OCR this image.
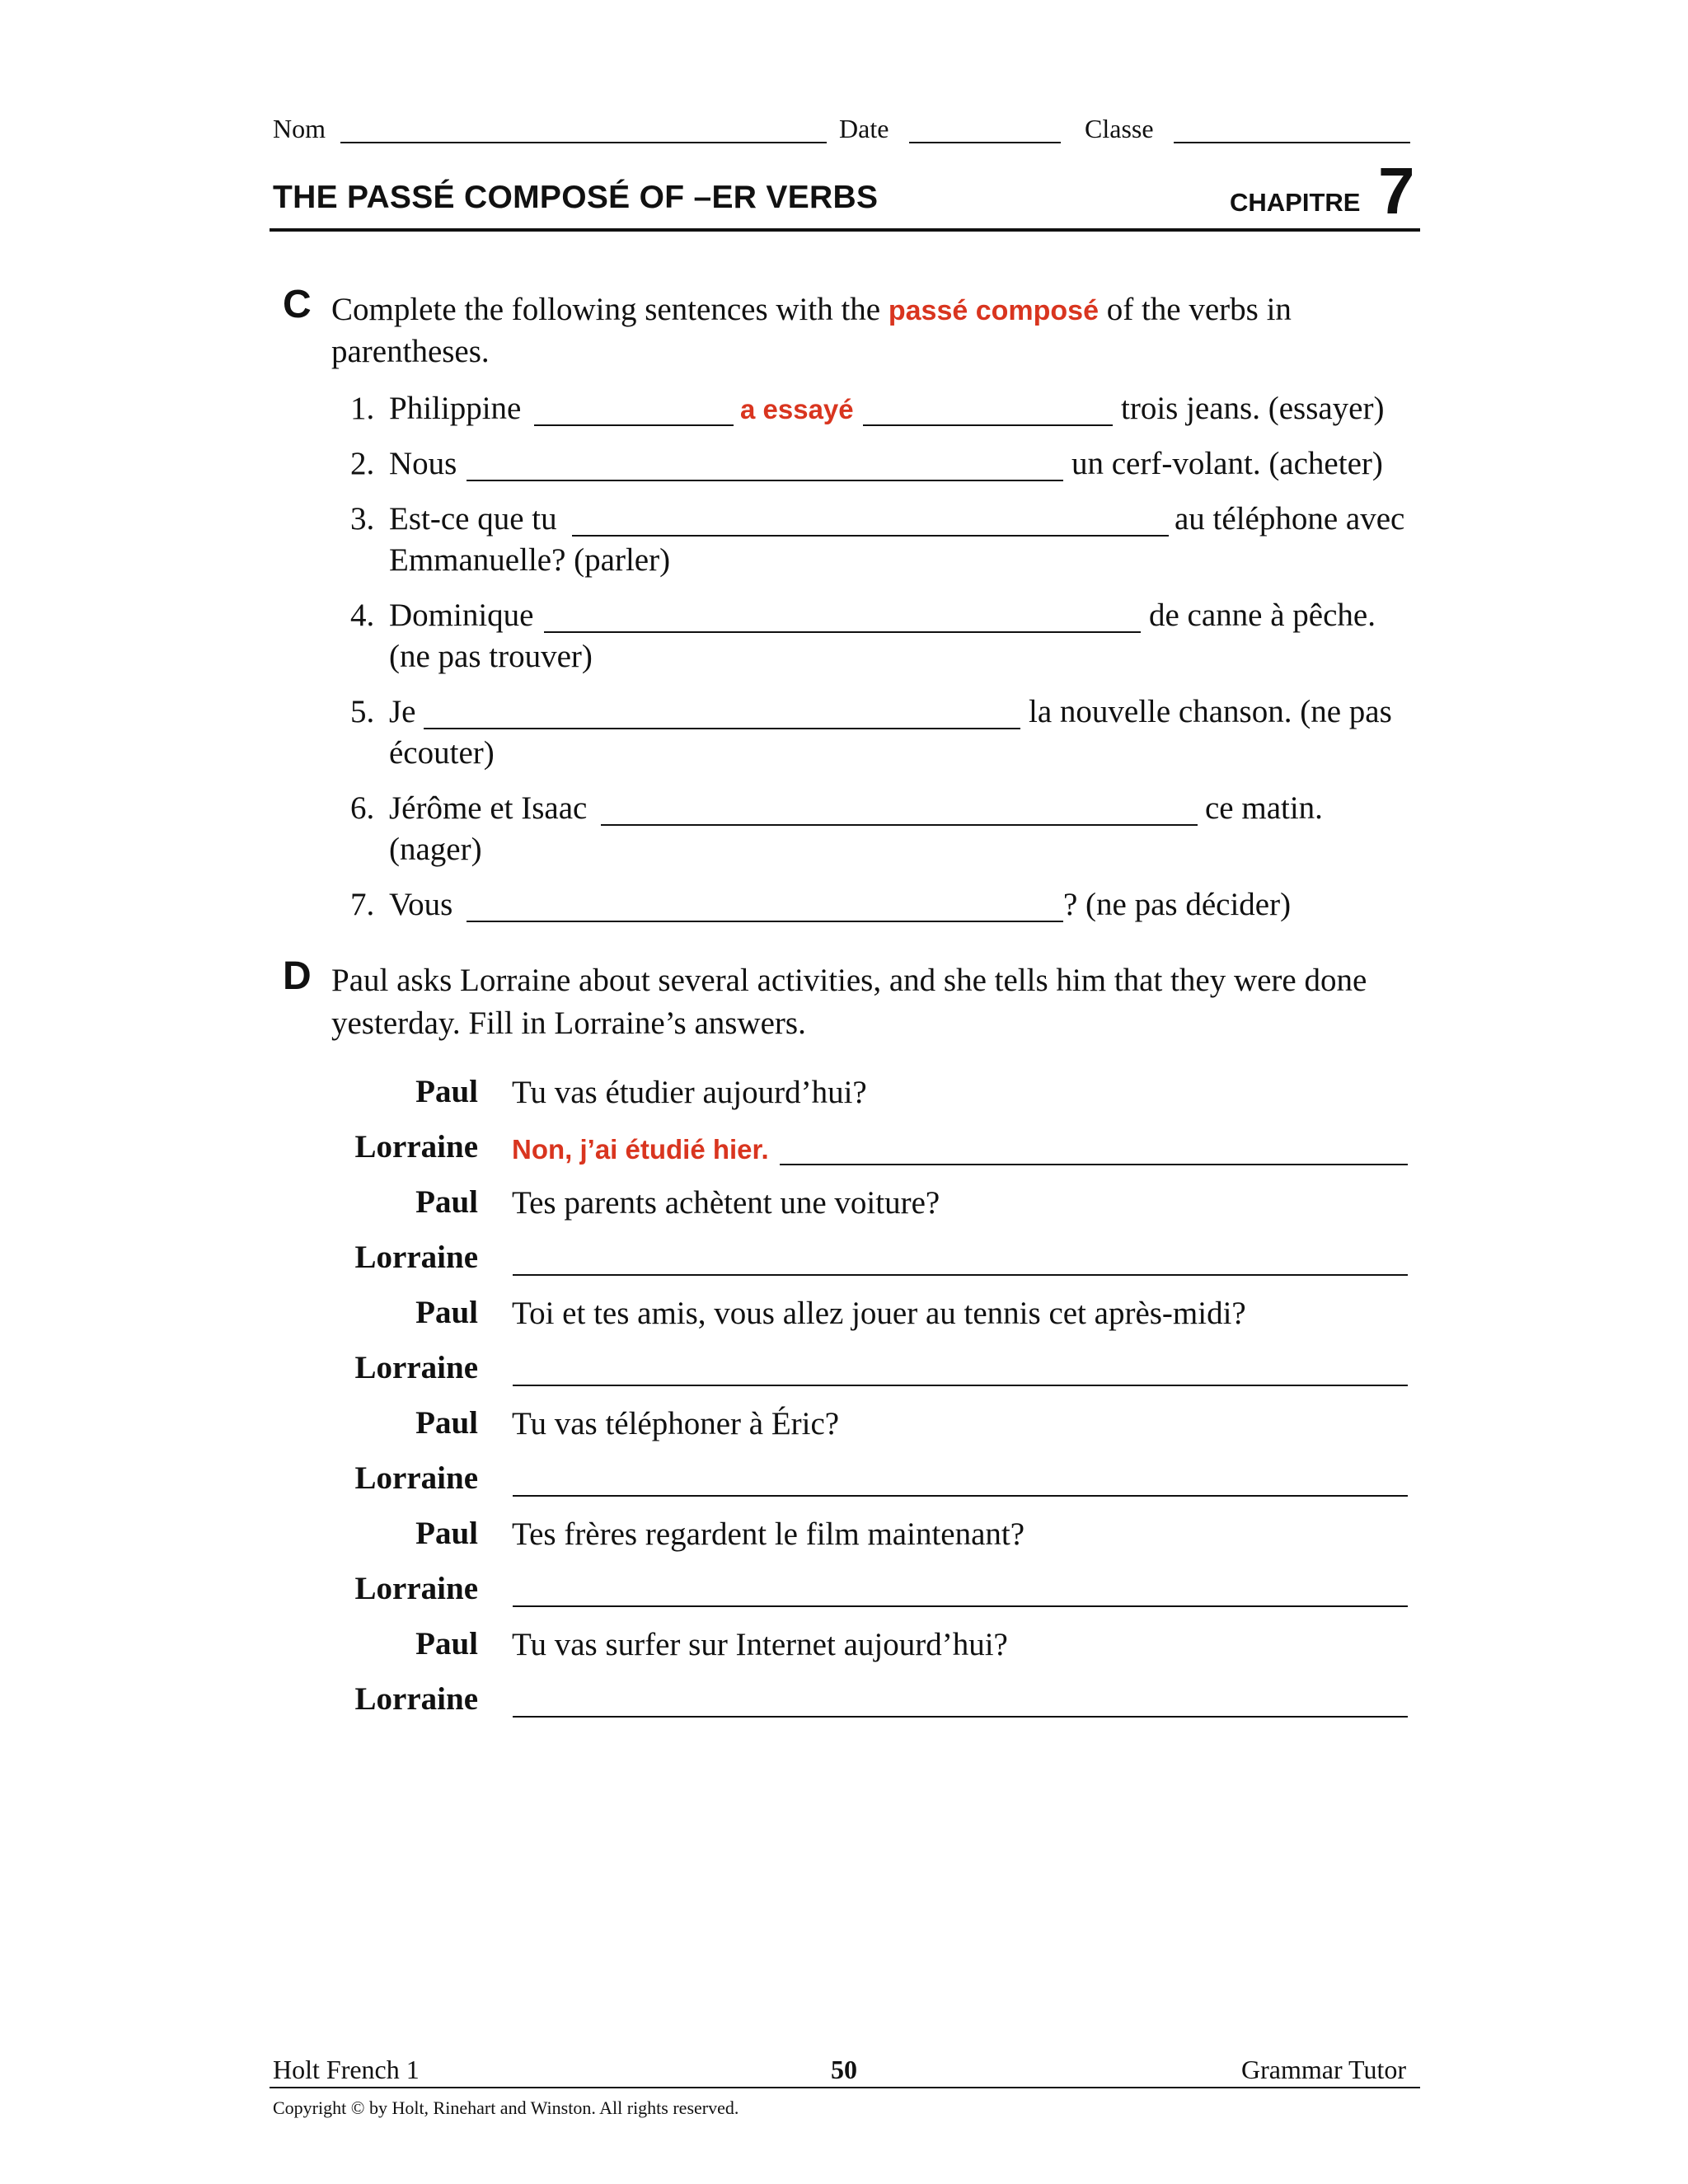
Nom	Date	Classe
THE PASSÉ COMPOSÉ OF –ER VERBS	CHAPITRE 7
C Complete the following sentences with the passé composé of the verbs in
parentheses.
1. Philippine	a essayé	trois jeans. (essayer)
2. Nous	un cerf-volant. (acheter)
3. Est-ce que tu	au téléphone avec
Emmanuelle? (parler)
4. Dominique	de canne à pêche.
(ne pas trouver)
5. Je	la nouvelle chanson. (ne pas
écouter)
6. Jérôme et Isaac	ce matin.
(nager)
7. Vous	? (ne pas décider)
D Paul asks Lorraine about several activities, and she tells him that they were done
yesterday. Fill in Lorraine’s answers.
Paul Tu vas étudier aujourd’hui?
Lorraine Non, j’ai étudié hier.
Paul Tes parents achètent une voiture?
Lorraine
Paul Toi et tes amis, vous allez jouer au tennis cet après-midi?
Lorraine
Paul Tu vas téléphoner à Éric?
Lorraine
Paul Tes frères regardent le film maintenant?
Lorraine
Paul Tu vas surfer sur Internet aujourd’hui?
Lorraine
Holt French 1	50	Grammar Tutor
Copyright © by Holt, Rinehart and Winston. All rights reserved.
